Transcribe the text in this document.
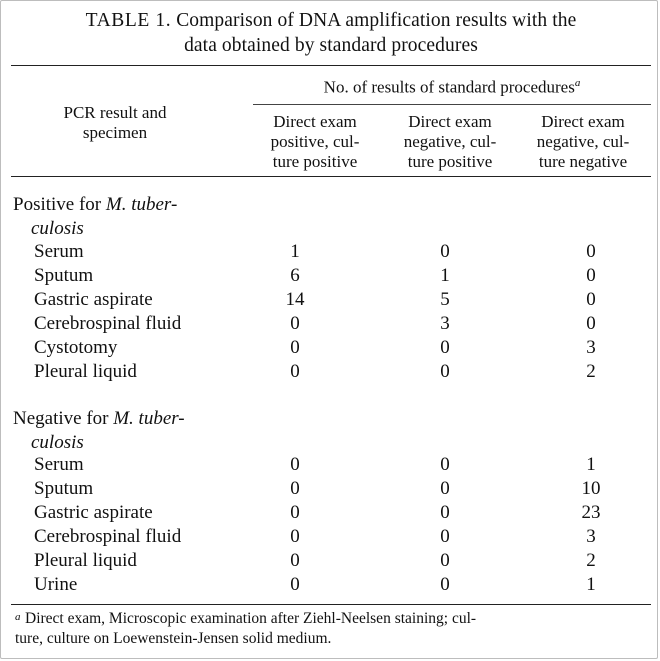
TABLE 1. Comparison of DNA amplification results with the
data obtained by standard procedures
No. of results of standard procedures$^a$
PCR result and
specimen
Direct exam
positive, cul-
ture positive
Direct exam
negative, cul-
ture positive
Direct exam
negative, cul-
ture negative
Positive for M. tuber-
culosis
Serum	1	0	0
Sputum	6	1	0
Gastric aspirate	14	5	0
Cerebrospinal fluid	0	3	0
Cystotomy	0	0	3
Pleural liquid	0	0	2
Negative for M. tuber-
culosis
Serum	0	0	1
Sputum	0	0	10
Gastric aspirate	0	0	23
Cerebrospinal fluid	0	0	3
Pleural liquid	0	0	2
Urine	0	0	1
a Direct exam, Microscopic examination after Ziehl-Neelsen staining; cul-
ture, culture on Loewenstein-Jensen solid medium.
